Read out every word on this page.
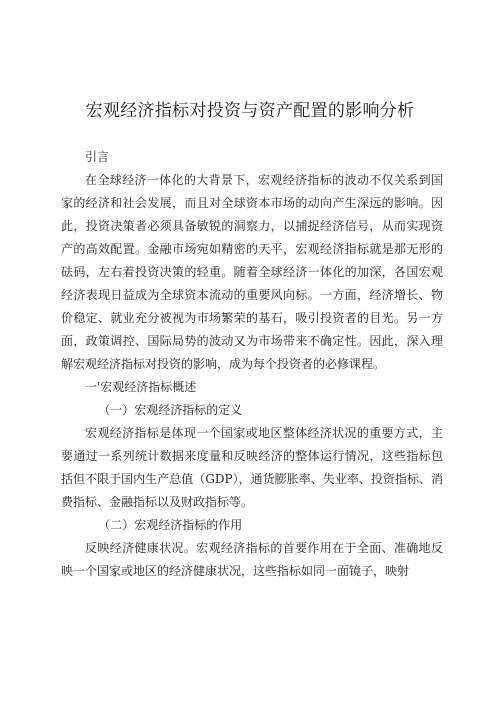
宏观经济指标对投资与资产配置的影响分析

引言

在全球经济一体化的大背景下，宏观经济指标的波动不仅关系到国家的经济和社会发展，而且对全球资本市场的动向产生深远的影响。因此，投资决策者必须具备敏锐的洞察力，以捕捉经济信号，从而实现资产的高效配置。金融市场宛如精密的天平，宏观经济指标就是那无形的砝码，左右着投资决策的轻重。随着全球经济一体化的加深，各国宏观经济表现日益成为全球资本流动的重要风向标。一方面，经济增长、物价稳定、就业充分被视为市场繁荣的基石，吸引投资者的目光。另一方面，政策调控、国际局势的波动又为市场带来不确定性。因此，深入理解宏观经济指标对投资的影响，成为每个投资者的必修课程。

一'宏观经济指标概述

（一）宏观经济指标的定义

宏观经济指标是体现一个国家或地区整体经济状况的重要方式，主要通过一系列统计数据来度量和反映经济的整体运行情况，这些指标包括但不限于国内生产总值（GDP），通货膨胀率、失业率、投资指标、消费指标、金融指标以及财政指标等。

（二）宏观经济指标的作用

反映经济健康状况。宏观经济指标的首要作用在于全面、准确地反映一个国家或地区的经济健康状况，这些指标如同一面镜子，映射
